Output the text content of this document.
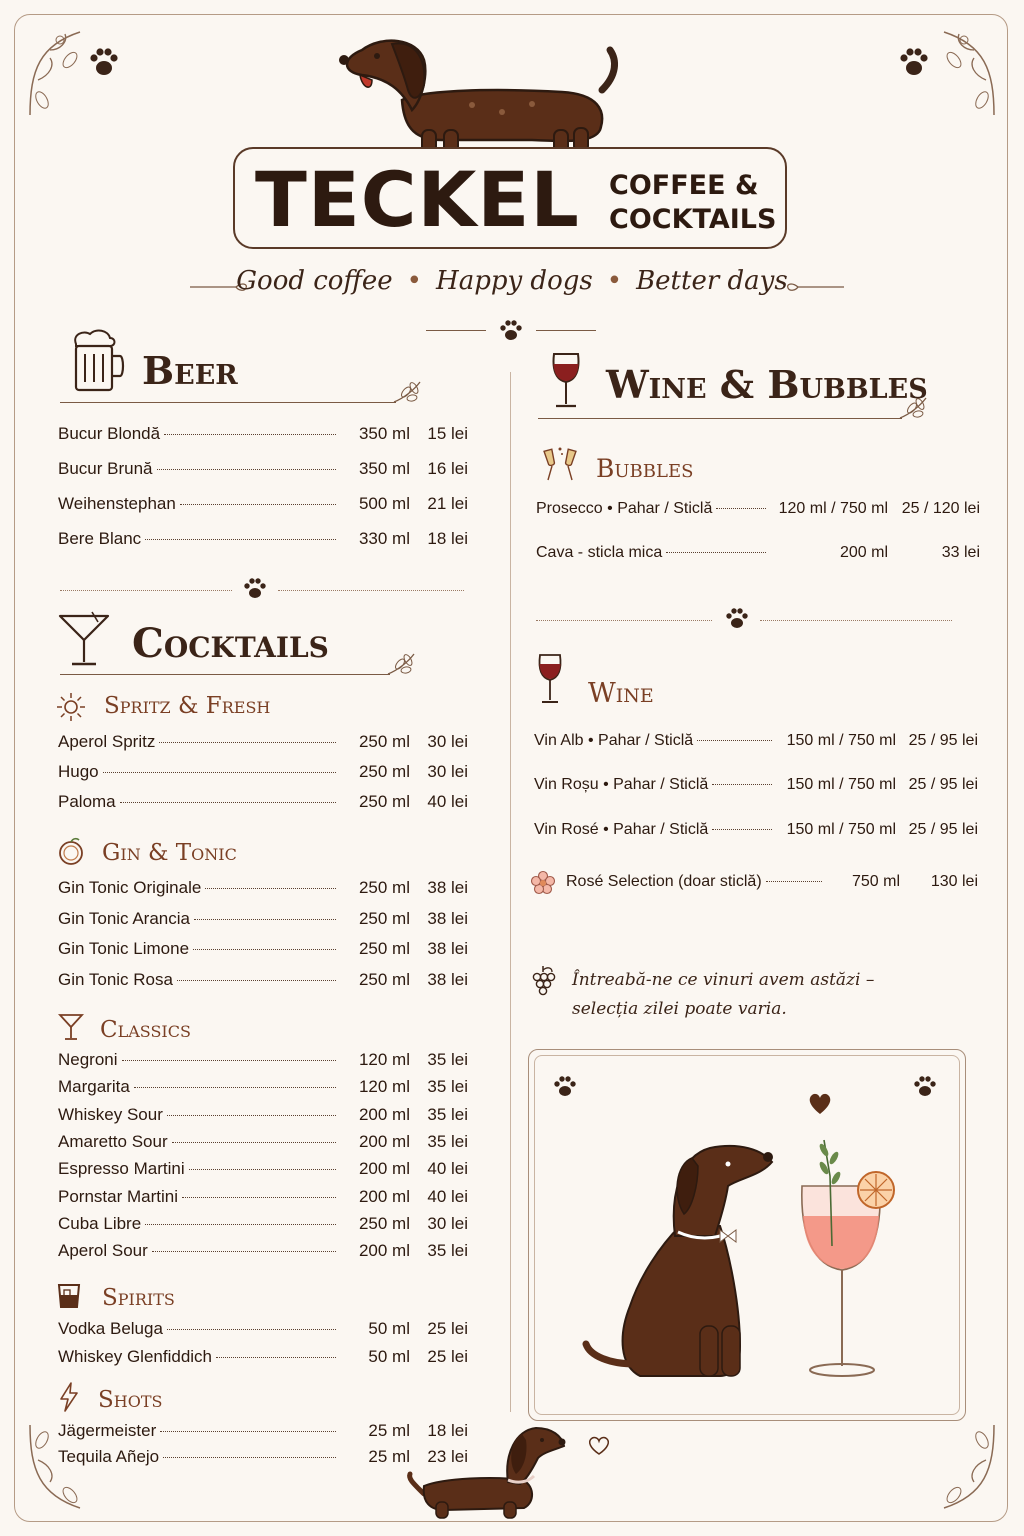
TECKEL COFFEE &
COCKTAILS
Good coffee • Happy dogs • Better days
Beer
Bucur Blondă	350 ml	15 lei
Bucur Brună	350 ml	16 lei
Weihenstephan	500 ml	21 lei
Bere Blanc	330 ml	18 lei
Cocktails
Spritz & Fresh
Aperol Spritz	250 ml	30 lei
Hugo	250 ml	30 lei
Paloma	250 ml	40 lei
Gin & Tonic
Gin Tonic Originale	250 ml	38 lei
Gin Tonic Arancia	250 ml	38 lei
Gin Tonic Limone	250 ml	38 lei
Gin Tonic Rosa	250 ml	38 lei
Classics
Negroni	120 ml	35 lei
Margarita	120 ml	35 lei
Whiskey Sour	200 ml	35 lei
Amaretto Sour	200 ml	35 lei
Espresso Martini	200 ml	40 lei
Pornstar Martini	200 ml	40 lei
Cuba Libre	250 ml	30 lei
Aperol Sour	200 ml	35 lei
Spirits
Vodka Beluga	50 ml	25 lei
Whiskey Glenfiddich	50 ml	25 lei
Shots
Jägermeister	25 ml	18 lei
Tequila Añejo	25 ml	23 lei
Wine & Bubbles
Bubbles
Prosecco • Pahar / Sticlă	120 ml / 750 ml 25 / 120 lei
Cava - sticla mica	200 ml	33 lei
Wine
Vin Alb • Pahar / Sticlă	150 ml / 750 ml 25 / 95 lei
Vin Roșu • Pahar / Sticlă	150 ml / 750 ml 25 / 95 lei
Vin Rosé • Pahar / Sticlă	150 ml / 750 ml 25 / 95 lei
Rosé Selection (doar sticlă)	750 ml	130 lei
Întreabă-ne ce vinuri avem astăzi –
selecția zilei poate varia.
